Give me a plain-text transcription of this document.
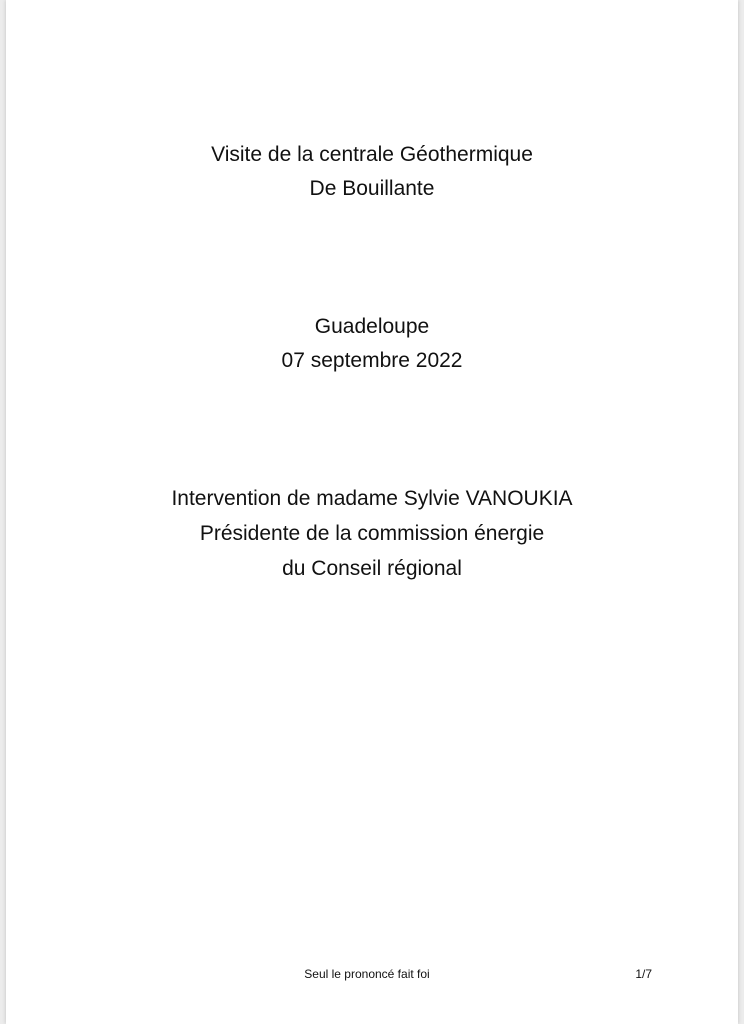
Visite de la centrale Géothermique
De Bouillante
Guadeloupe
07 septembre 2022
Intervention de madame Sylvie VANOUKIA
Présidente de la commission énergie
du Conseil régional
Seul le prononcé fait foi	1/7
